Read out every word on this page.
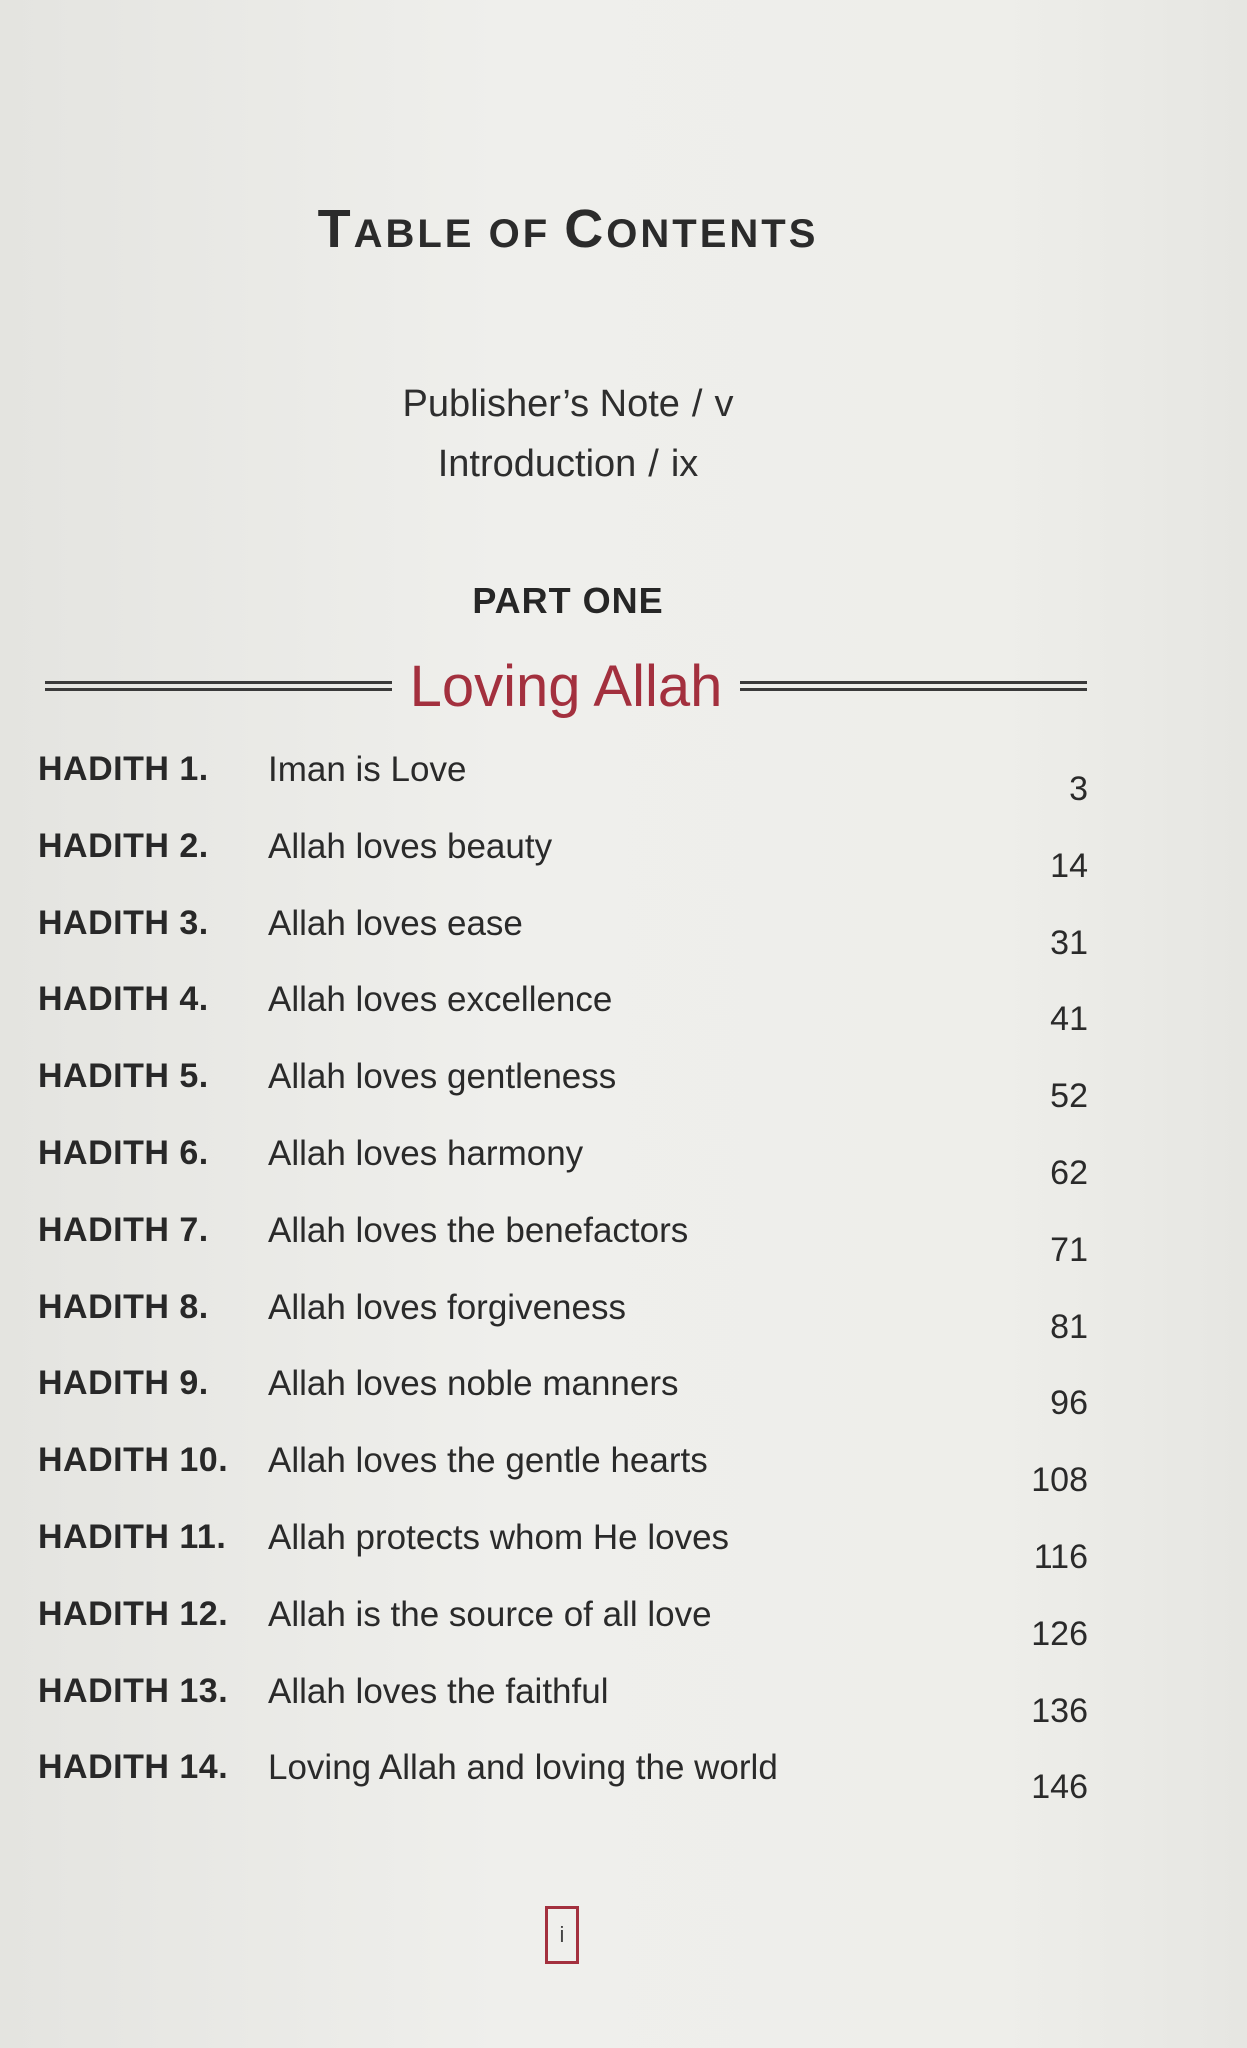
TABLE OF CONTENTS
Publisher’s Note / v
Introduction / ix
PART ONE
Loving Allah
HADITH 1.	Iman is Love	3
HADITH 2.	Allah loves beauty	14
HADITH 3.	Allah loves ease	31
HADITH 4.	Allah loves excellence	41
HADITH 5.	Allah loves gentleness	52
HADITH 6.	Allah loves harmony	62
HADITH 7.	Allah loves the benefactors	71
HADITH 8.	Allah loves forgiveness	81
HADITH 9.	Allah loves noble manners	96
HADITH 10.	Allah loves the gentle hearts	108
HADITH 11.	Allah protects whom He loves	116
HADITH 12.	Allah is the source of all love	126
HADITH 13.	Allah loves the faithful	136
HADITH 14.	Loving Allah and loving the world	146
i
